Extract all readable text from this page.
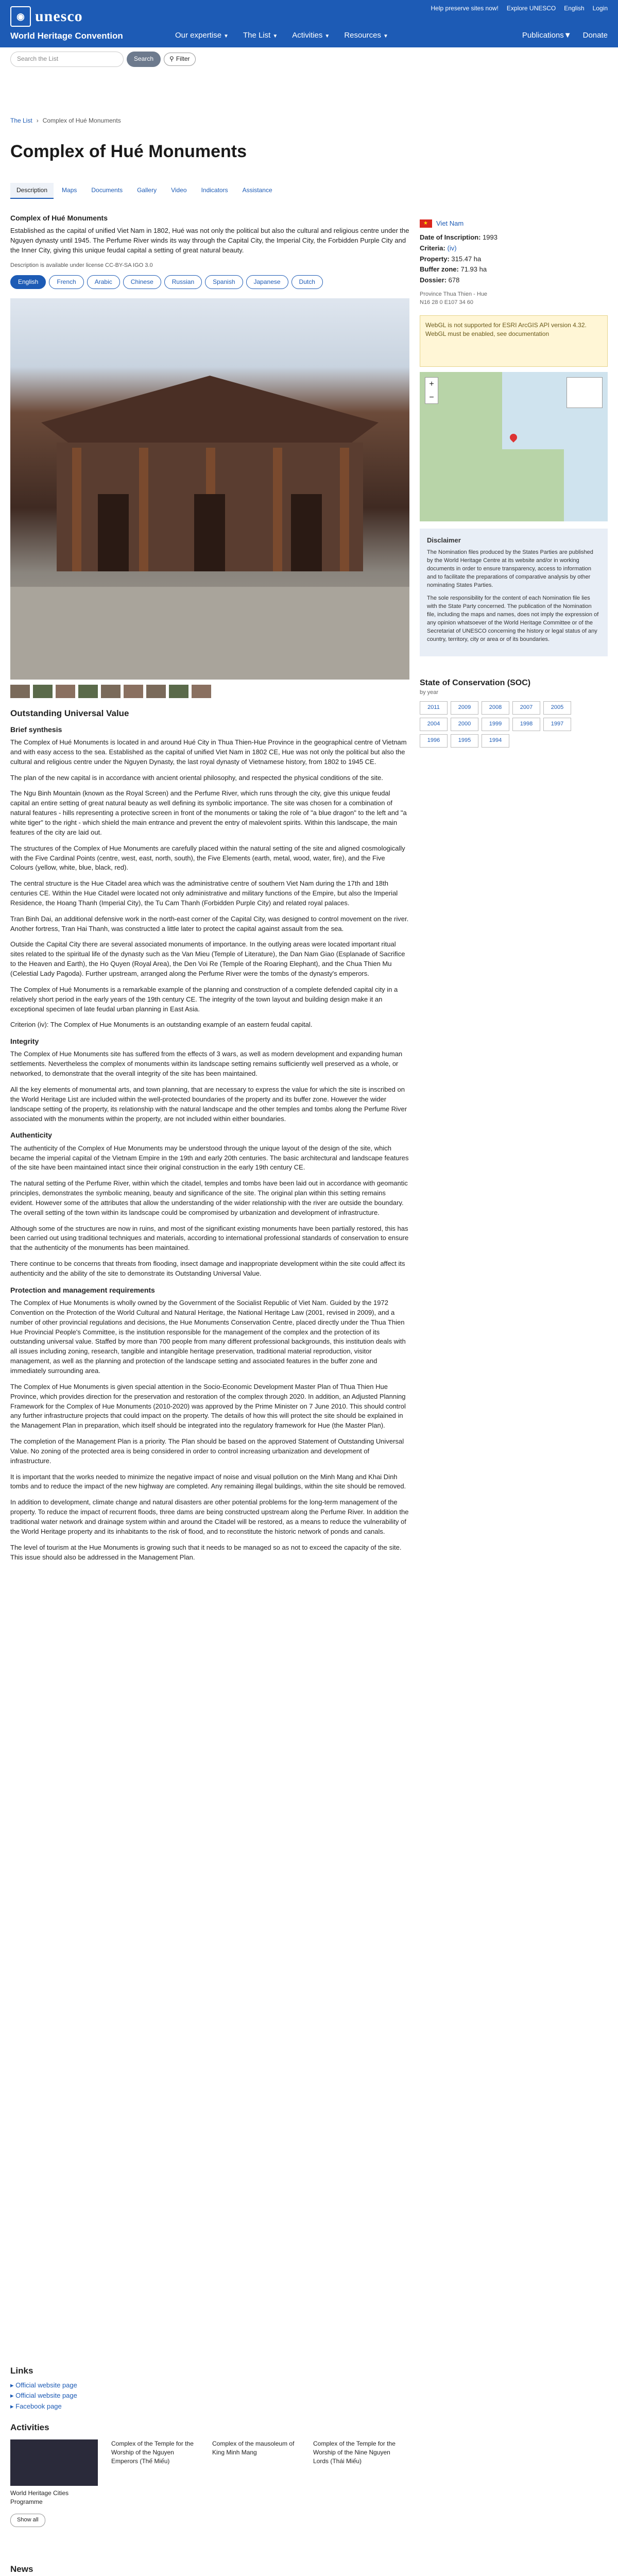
◉ unesco
World Heritage Convention
Help preserve sites now! Explore UNESCO English Login
Our expertise ▼ The List ▼ Activities ▼ Resources ▼	Publications▼ Donate
Search the List	Search	⚲ Filter
The List › Complex of Hué Monuments
Complex of Hué Monuments
Description	Maps	Documents	Gallery	Video	Indicators	Assistance
Complex of Hué Monuments

Established as the capital of unified Viet Nam in 1802, Hué was not only the political but also the cultural and religious centre under the Nguyen dynasty until 1945. The Perfume River winds its way through the Capital City, the Imperial City, the Forbidden Purple City and the Inner City, giving this unique feudal capital a setting of great natural beauty.

Description is available under license CC-BY-SA IGO 3.0
English	French	Arabic	Chinese	Russian	Spanish	Japanese	Dutch
Outstanding Universal Value
Brief synthesis

The Complex of Hué Monuments is located in and around Hué City in Thua Thien-Hue Province in the geographical centre of Vietnam and with easy access to the sea. Established as the capital of unified Viet Nam in 1802 CE, Hue was not only the political but also the cultural and religious centre under the Nguyen Dynasty, the last royal dynasty of Vietnamese history, from 1802 to 1945 CE.

The plan of the new capital is in accordance with ancient oriental philosophy, and respected the physical conditions of the site.

The Ngu Binh Mountain (known as the Royal Screen) and the Perfume River, which runs through the city, give this unique feudal capital an entire setting of great natural beauty as well defining its symbolic importance. The site was chosen for a combination of natural features - hills representing a protective screen in front of the monuments or taking the role of "a blue dragon" to the left and "a white tiger" to the right - which shield the main entrance and prevent the entry of malevolent spirits. Within this landscape, the main features of the city are laid out.

The structures of the Complex of Hue Monuments are carefully placed within the natural setting of the site and aligned cosmologically with the Five Cardinal Points (centre, west, east, north, south), the Five Elements (earth, metal, wood, water, fire), and the Five Colours (yellow, white, blue, black, red).

The central structure is the Hue Citadel area which was the administrative centre of southern Viet Nam during the 17th and 18th centuries CE. Within the Hue Citadel were located not only administrative and military functions of the Empire, but also the Imperial Residence, the Hoang Thanh (Imperial City), the Tu Cam Thanh (Forbidden Purple City) and related royal palaces.

Tran Binh Dai, an additional defensive work in the north-east corner of the Capital City, was designed to control movement on the river. Another fortress, Tran Hai Thanh, was constructed a little later to protect the capital against assault from the sea.

Outside the Capital City there are several associated monuments of importance. In the outlying areas were located important ritual sites related to the spiritual life of the dynasty such as the Van Mieu (Temple of Literature), the Dan Nam Giao (Esplanade of Sacrifice to the Heaven and Earth), the Ho Quyen (Royal Area), the Den Voi Re (Temple of the Roaring Elephant), and the Chua Thien Mu (Celestial Lady Pagoda). Further upstream, arranged along the Perfume River were the tombs of the dynasty's emperors.

The Complex of Hué Monuments is a remarkable example of the planning and construction of a complete defended capital city in a relatively short period in the early years of the 19th century CE. The integrity of the town layout and building design make it an exceptional specimen of late feudal urban planning in East Asia.

Criterion (iv): The Complex of Hue Monuments is an outstanding example of an eastern feudal capital.

Integrity

The Complex of Hue Monuments site has suffered from the effects of 3 wars, as well as modern development and expanding human settlements. Nevertheless the complex of monuments within its landscape setting remains sufficiently well preserved as a whole, or networked, to demonstrate that the overall integrity of the site has been maintained.

All the key elements of monumental arts, and town planning, that are necessary to express the value for which the site is inscribed on the World Heritage List are included within the well-protected boundaries of the property and its buffer zone. However the wider landscape setting of the property, its relationship with the natural landscape and the other temples and tombs along the Perfume River associated with the monuments within the property, are not included within either boundaries.

Authenticity

The authenticity of the Complex of Hue Monuments may be understood through the unique layout of the design of the site, which became the imperial capital of the Vietnam Empire in the 19th and early 20th centuries. The basic architectural and landscape features of the site have been maintained intact since their original construction in the early 19th century CE.

The natural setting of the Perfume River, within which the citadel, temples and tombs have been laid out in accordance with geomantic principles, demonstrates the symbolic meaning, beauty and significance of the site. The original plan within this setting remains evident. However some of the attributes that allow the understanding of the wider relationship with the river are outside the boundary. The overall setting of the town within its landscape could be compromised by urbanization and development of infrastructure.

Although some of the structures are now in ruins, and most of the significant existing monuments have been partially restored, this has been carried out using traditional techniques and materials, according to international professional standards of conservation to ensure that the authenticity of the monuments has been maintained.

There continue to be concerns that threats from flooding, insect damage and inappropriate development within the site could affect its authenticity and the ability of the site to demonstrate its Outstanding Universal Value.

Protection and management requirements

The Complex of Hue Monuments is wholly owned by the Government of the Socialist Republic of Viet Nam. Guided by the 1972 Convention on the Protection of the World Cultural and Natural Heritage, the National Heritage Law (2001, revised in 2009), and a number of other provincial regulations and decisions, the Hue Monuments Conservation Centre, placed directly under the Thua Thien Hue Provincial People's Committee, is the institution responsible for the management of the complex and the protection of its outstanding universal value. Staffed by more than 700 people from many different professional backgrounds, this institution deals with all issues including zoning, research, tangible and intangible heritage preservation, traditional material reproduction, visitor management, as well as the planning and protection of the landscape setting and associated features in the buffer zone and immediately surrounding area.

The Complex of Hue Monuments is given special attention in the Socio-Economic Development Master Plan of Thua Thien Hue Province, which provides direction for the preservation and restoration of the complex through 2020. In addition, an Adjusted Planning Framework for the Complex of Hue Monuments (2010-2020) was approved by the Prime Minister on 7 June 2010. This should control any further infrastructure projects that could impact on the property. The details of how this will protect the site should be explained in the Management Plan in preparation, which itself should be integrated into the regulatory framework for Hue (the Master Plan).

The completion of the Management Plan is a priority. The Plan should be based on the approved Statement of Outstanding Universal Value. No zoning of the protected area is being considered in order to control increasing urbanization and development of infrastructure.

It is important that the works needed to minimize the negative impact of noise and visual pollution on the Minh Mang and Khai Dinh tombs and to reduce the impact of the new highway are completed. Any remaining illegal buildings, within the site should be removed.

In addition to development, climate change and natural disasters are other potential problems for the long-term management of the property. To reduce the impact of recurrent floods, three dams are being constructed upstream along the Perfume River. In addition the traditional water network and drainage system within and around the Citadel will be restored, as a means to reduce the vulnerability of the World Heritage property and its inhabitants to the risk of flood, and to reconstitute the historic network of ponds and canals.

The level of tourism at the Hue Monuments is growing such that it needs to be managed so as not to exceed the capacity of the site. This issue should also be addressed in the Management Plan.

★
Viet Nam
Date of Inscription: 1993
Criteria: (iv)
Property: 315.47 ha
Buffer zone: 71.93 ha
Dossier: 678
Province Thua Thien - Hue
N16 28 0 E107 34 60
WebGL is not supported for ESRI ArcGIS API version 4.32. WebGL must be enabled, see documentation
+
−
Disclaimer

The Nomination files produced by the States Parties are published by the World Heritage Centre at its website and/or in working documents in order to ensure transparency, access to information and to facilitate the preparations of comparative analysis by other nominating States Parties.

The sole responsibility for the content of each Nomination file lies with the State Party concerned. The publication of the Nomination file, including the maps and names, does not imply the expression of any opinion whatsoever of the World Heritage Committee or of the Secretariat of UNESCO concerning the history or legal status of any country, territory, city or area or of its boundaries.

State of Conservation (SOC)
by year
2011	2009	2008	2007	2005
2004	2000	1999	1998	1997
1996	1995	1994
Links
▸ Official website page
▸ Official website page
▸ Facebook page
Activities
World Heritage Cities Programme
Complex of the Temple for the Worship of the Nguyen Emperors (Thế Miếu)
Complex of the mausoleum of King Minh Mang
Complex of the Temple for the Worship of the Nine Nguyen Lords (Thái Miếu)
Show all
News
